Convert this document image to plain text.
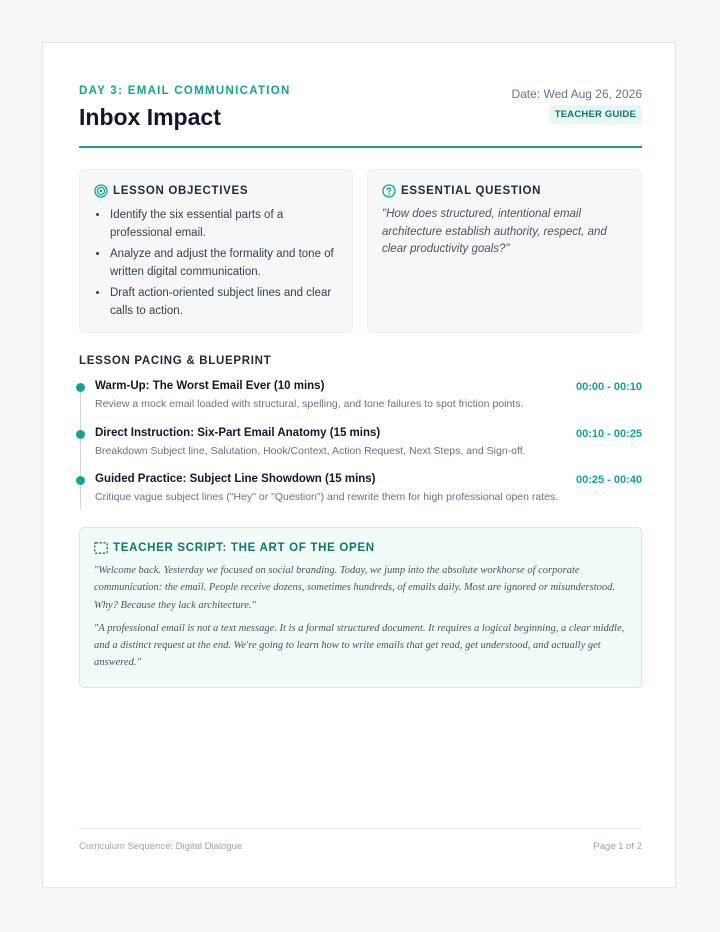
DAY 3: EMAIL COMMUNICATION
Inbox Impact
Date: Wed Aug 26, 2026
TEACHER GUIDE
LESSON OBJECTIVES
• Identify the six essential parts of a professional email.
• Analyze and adjust the formality and tone of written digital communication.
• Draft action-oriented subject lines and clear calls to action.
ESSENTIAL QUESTION
"How does structured, intentional email architecture establish authority, respect, and clear productivity goals?"
LESSON PACING & BLUEPRINT
Warm-Up: The Worst Email Ever (10 mins)	00:00 - 00:10
Review a mock email loaded with structural, spelling, and tone failures to spot friction points.
Direct Instruction: Six-Part Email Anatomy (15 mins)	00:10 - 00:25
Breakdown Subject line, Salutation, Hook/Context, Action Request, Next Steps, and Sign-off.
Guided Practice: Subject Line Showdown (15 mins)	00:25 - 00:40
Critique vague subject lines ("Hey" or "Question") and rewrite them for high professional open rates.
TEACHER SCRIPT: THE ART OF THE OPEN

"Welcome back. Yesterday we focused on social branding. Today, we jump into the absolute workhorse of corporate communication: the email. People receive dozens, sometimes hundreds, of emails daily. Most are ignored or misunderstood. Why? Because they lack architecture."

"A professional email is not a text message. It is a formal structured document. It requires a logical beginning, a clear middle, and a distinct request at the end. We're going to learn how to write emails that get read, get understood, and actually get answered."

Curriculum Sequence: Digital Dialogue	Page 1 of 2
